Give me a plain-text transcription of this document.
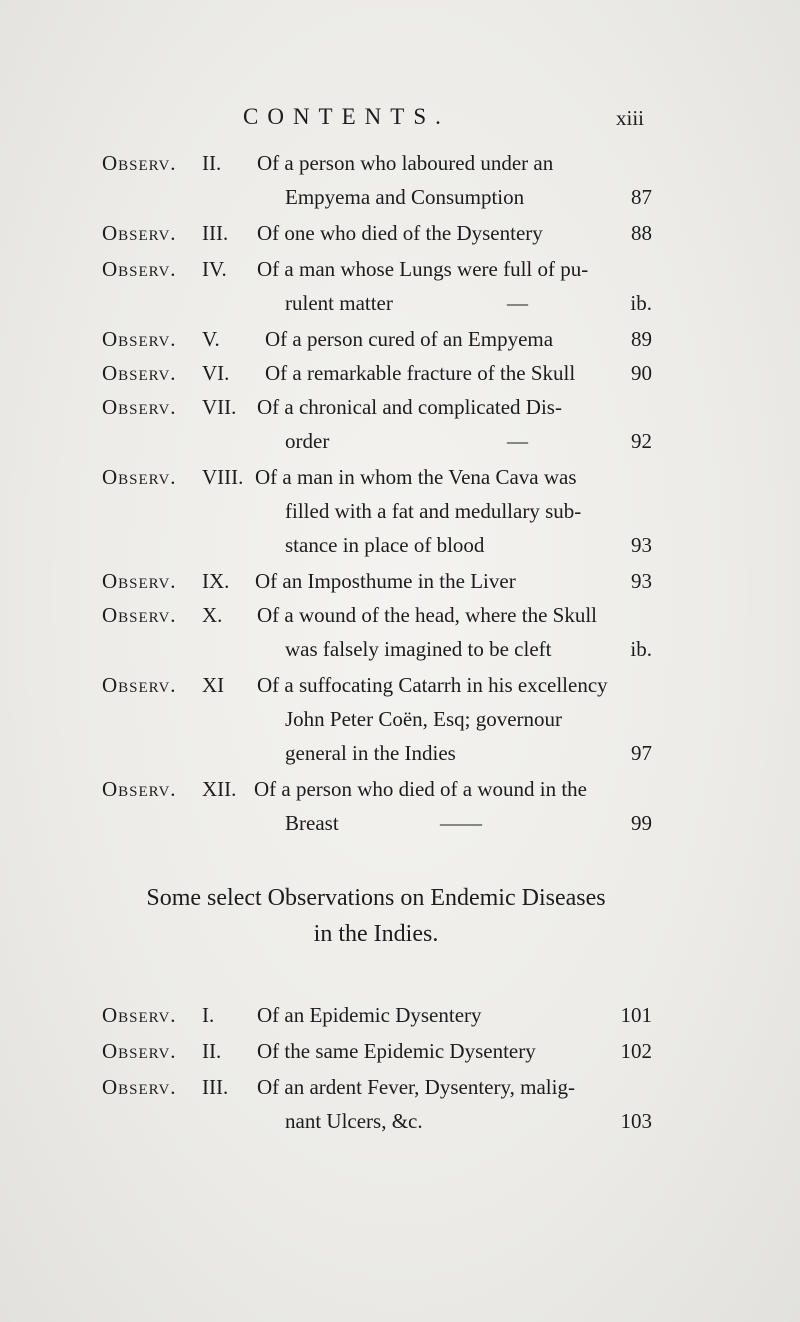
CONTENTS.	xiii
Observ. II. Of a person who laboured under an
Empyema and Consumption	87
Observ. III. Of one who died of the Dysentery	88
Observ. IV. Of a man whose Lungs were full of pu-
rulent matter	—	ib.
Observ. V. Of a person cured of an Empyema	89
Observ. VI. Of a remarkable fracture of the Skull	90
Observ. VII. Of a chronical and complicated Dis-
order	—	92
Observ. VIII. Of a man in whom the Vena Cava was
filled with a fat and medullary sub-
stance in place of blood	93
Observ. IX. Of an Imposthume in the Liver	93
Observ. X. Of a wound of the head, where the Skull
was falsely imagined to be cleft	ib.
Observ. XI Of a suffocating Catarrh in his excellency
John Peter Coën, Esq; governour
general in the Indies	97
Observ. XII. Of a person who died of a wound in the
Breast	——	99
Some select Observations on Endemic Diseases
in the Indies.
Observ. I. Of an Epidemic Dysentery	101
Observ. II. Of the same Epidemic Dysentery	102
Observ. III. Of an ardent Fever, Dysentery, malig-
nant Ulcers, &c.	103
